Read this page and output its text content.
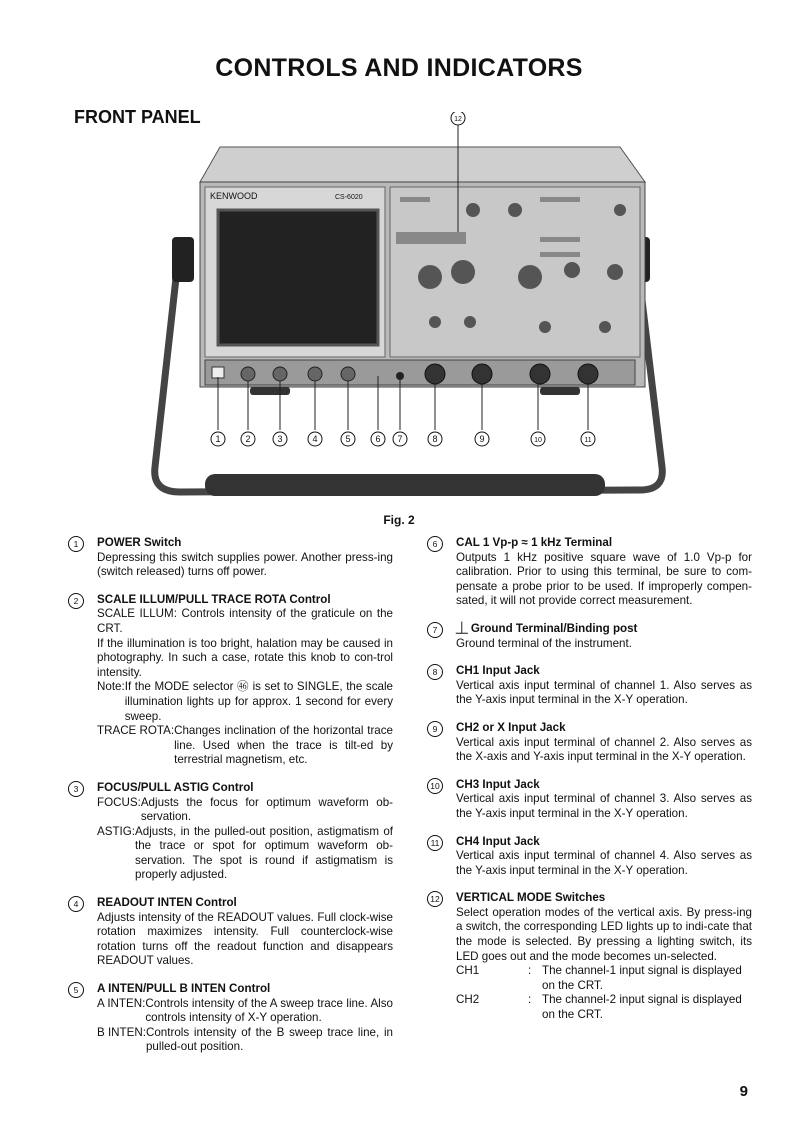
CONTROLS AND INDICATORS
FRONT PANEL
KENWOOD	CS-6020
1	2	3	4	5	6 7	8	9	10	11
12
Fig. 2
1	POWER Switch
Depressing this switch supplies power. Another press-ing (switch released) turns off power.
2	SCALE ILLUM/PULL TRACE ROTA Control
SCALE ILLUM: Controls intensity of the graticule on the CRT.
If the illumination is too bright, halation may be caused in photography. In such a case, rotate this knob to con-trol intensity.
Note: If the MODE selector ㊻ is set to SINGLE, the scale illumination lights up for approx. 1 second for every sweep.
TRACE ROTA: Changes inclination of the horizontal trace line. Used when the trace is tilt-ed by terrestrial magnetism, etc.
3	FOCUS/PULL ASTIG Control
FOCUS: Adjusts the focus for optimum waveform ob-servation.
ASTIG: Adjusts, in the pulled-out position, astigmatism of the trace or spot for optimum waveform ob-servation. The spot is round if astigmatism is properly adjusted.
4	READOUT INTEN Control
Adjusts intensity of the READOUT values. Full clock-wise rotation maximizes intensity. Full counterclock-wise rotation turns off the readout function and disappears READOUT values.
5	A INTEN/PULL B INTEN Control
A INTEN: Controls intensity of the A sweep trace line. Also controls intensity of X-Y operation.
B INTEN: Controls intensity of the B sweep trace line, in pulled-out position.
6	CAL 1 Vp-p ≈ 1 kHz Terminal
Outputs 1 kHz positive square wave of 1.0 Vp-p for calibration. Prior to using this terminal, be sure to com-pensate a probe prior to be used. If improperly compen-sated, it will not provide correct measurement.
7	⏊ Ground Terminal/Binding post
Ground terminal of the instrument.
8	CH1 Input Jack
Vertical axis input terminal of channel 1. Also serves as the Y-axis input terminal in the X-Y operation.
9	CH2 or X Input Jack
Vertical axis input terminal of channel 2. Also serves as the X-axis and Y-axis input terminal in the X-Y operation.
10 CH3 Input Jack
Vertical axis input terminal of channel 3. Also serves as the Y-axis input terminal in the X-Y operation.
11	CH4 Input Jack
Vertical axis input terminal of channel 4. Also serves as the Y-axis input terminal in the X-Y operation.
12 VERTICAL MODE Switches
Select operation modes of the vertical axis. By press-ing a switch, the corresponding LED lights up to indi-cate that the mode is selected. By pressing a lighting switch, its LED goes out and the mode becomes un-selected.
CH1	: The channel-1 input signal is displayed on the CRT.
CH2	: The channel-2 input signal is displayed on the CRT.
9
